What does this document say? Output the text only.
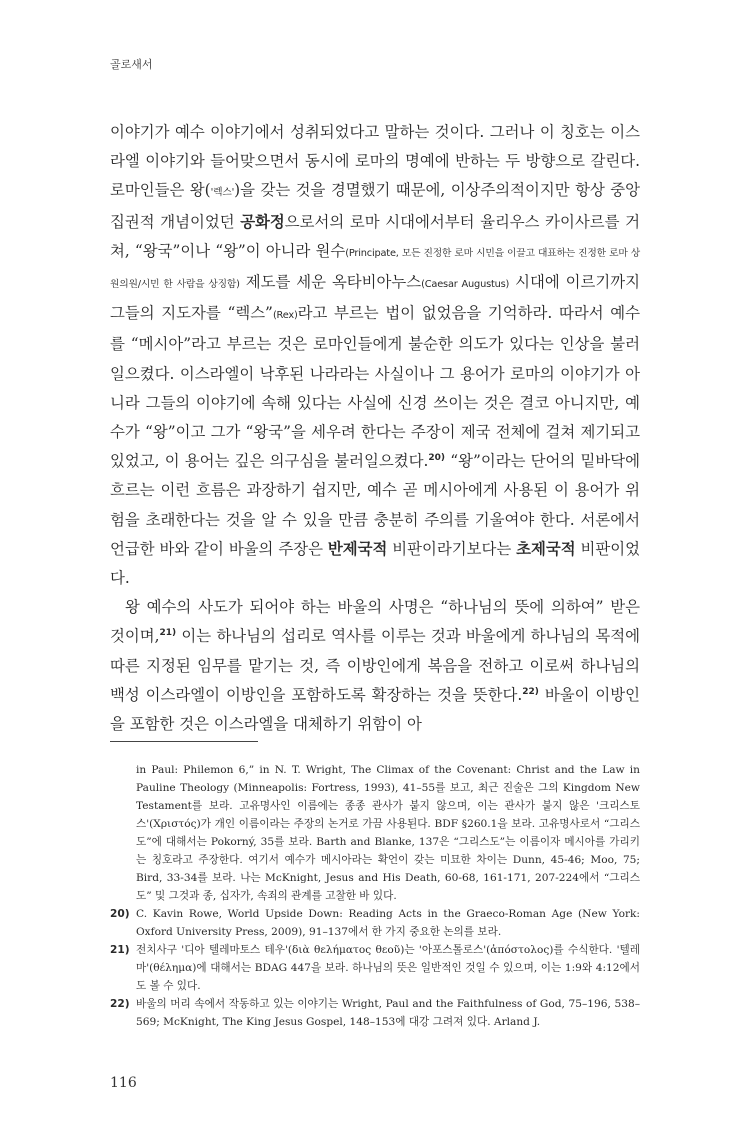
골로새서

이야기가 예수 이야기에서 성취되었다고 말하는 것이다. 그러나 이 칭호는 이스라엘 이야기와 들어맞으면서 동시에 로마의 명예에 반하는 두 방향으로 갈린다. 로마인들은 왕('렉스')을 갖는 것을 경멸했기 때문에, 이상주의적이지만 항상 중앙집권적 개념이었던 공화정으로서의 로마 시대에서부터 율리우스 카이사르를 거쳐, “왕국”이나 “왕”이 아니라 원수(Principate, 모든 진정한 로마 시민을 이끌고 대표하는 진정한 로마 상원의원/시민 한 사람을 상징함) 제도를 세운 옥타비아누스(Caesar Augustus) 시대에 이르기까지 그들의 지도자를 “렉스”(Rex)라고 부르는 법이 없었음을 기억하라. 따라서 예수를 “메시아”라고 부르는 것은 로마인들에게 불순한 의도가 있다는 인상을 불러일으켰다. 이스라엘이 낙후된 나라라는 사실이나 그 용어가 로마의 이야기가 아니라 그들의 이야기에 속해 있다는 사실에 신경 쓰이는 것은 결코 아니지만, 예수가 “왕”이고 그가 “왕국”을 세우려 한다는 주장이 제국 전체에 걸쳐 제기되고 있었고, 이 용어는 깊은 의구심을 불러일으켰다.$^{20)}$ “왕”이라는 단어의 밑바닥에 흐르는 이런 흐름은 과장하기 쉽지만, 예수 곧 메시아에게 사용된 이 용어가 위험을 초래한다는 것을 알 수 있을 만큼 충분히 주의를 기울여야 한다. 서론에서 언급한 바와 같이 바울의 주장은 반제국적 비판이라기보다는 초제국적 비판이었다.

왕 예수의 사도가 되어야 하는 바울의 사명은 “하나님의 뜻에 의하여” 받은 것이며,$^{21)}$ 이는 하나님의 섭리로 역사를 이루는 것과 바울에게 하나님의 목적에 따른 지정된 임무를 맡기는 것, 즉 이방인에게 복음을 전하고 이로써 하나님의 백성 이스라엘이 이방인을 포함하도록 확장하는 것을 뜻한다.$^{22)}$ 바울이 이방인을 포함한 것은 이스라엘을 대체하기 위함이 아

in Paul: Philemon 6,” in N. T. Wright, The Climax of the Covenant: Christ and the Law in Pauline Theology (Minneapolis: Fortress, 1993), 41–55를 보고, 최근 진술은 그의 Kingdom New Testament를 보라. 고유명사인 이름에는 종종 관사가 붙지 않으며, 이는 관사가 붙지 않은 '크리스토스'(Χριστός)가 개인 이름이라는 주장의 논거로 가끔 사용된다. BDF §260.1을 보라. 고유명사로서 “그리스도”에 대해서는 Pokorný, 35를 보라. Barth and Blanke, 137은 “그리스도”는 이름이자 메시아를 가리키는 칭호라고 주장한다. 여기서 예수가 메시아라는 확언이 갖는 미묘한 차이는 Dunn, 45-46; Moo, 75; Bird, 33-34를 보라. 나는 McKnight, Jesus and His Death, 60-68, 161-171, 207-224에서 “그리스도” 및 그것과 종, 십자가, 속죄의 관계를 고찰한 바 있다.

20) C. Kavin Rowe, World Upside Down: Reading Acts in the Graeco-Roman Age (New York: Oxford University Press, 2009), 91–137에서 한 가지 중요한 논의를 보라.

21) 전치사구 '디아 텔레마토스 테우'(διὰ θελήματος θεοῦ)는 '아포스톨로스'(ἀπόστολος)를 수식한다. '텔레마'(θέλημα)에 대해서는 BDAG 447을 보라. 하나님의 뜻은 일반적인 것일 수 있으며, 이는 1:9와 4:12에서도 볼 수 있다.

22) 바울의 머리 속에서 작동하고 있는 이야기는 Wright, Paul and the Faithfulness of God, 75–196, 538–569; McKnight, The King Jesus Gospel, 148–153에 대강 그려져 있다. Arland J.

116
